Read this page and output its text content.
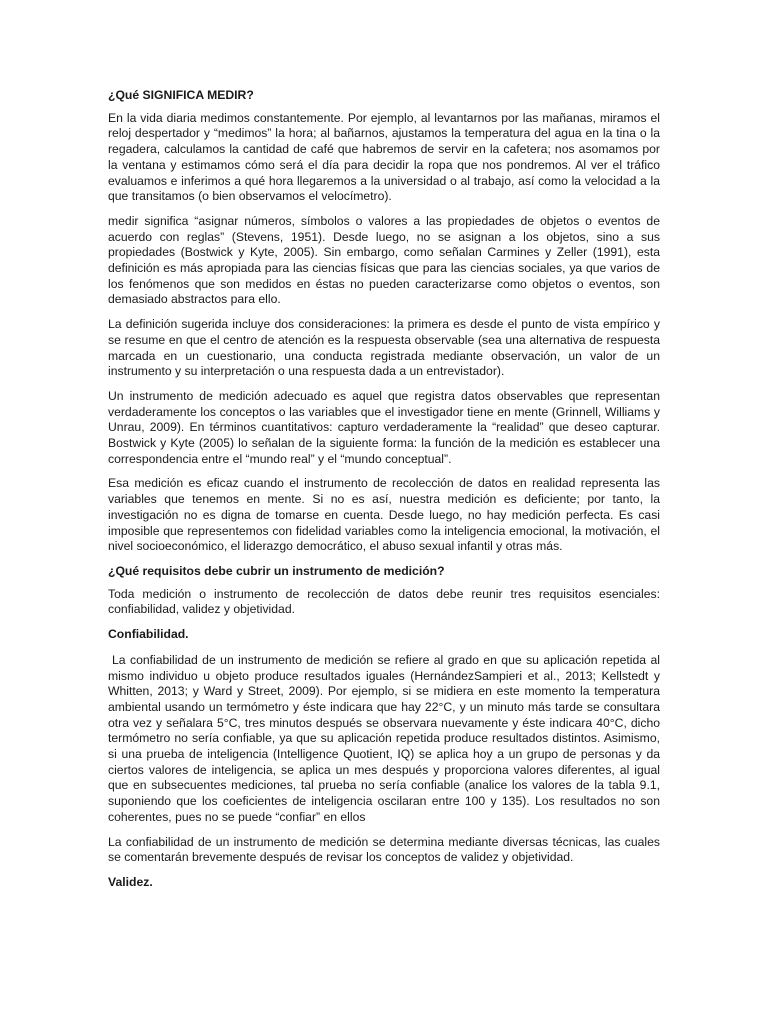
¿Qué SIGNIFICA MEDIR?
En la vida diaria medimos constantemente. Por ejemplo, al levantarnos por las mañanas, miramos el reloj despertador y “medimos” la hora; al bañarnos, ajustamos la temperatura del agua en la tina o la regadera, calculamos la cantidad de café que habremos de servir en la cafetera; nos asomamos por la ventana y estimamos cómo será el día para decidir la ropa que nos pondremos. Al ver el tráfico evaluamos e inferimos a qué hora llegaremos a la universidad o al trabajo, así como la velocidad a la que transitamos (o bien observamos el velocímetro).
medir significa “asignar números, símbolos o valores a las propiedades de objetos o eventos de acuerdo con reglas” (Stevens, 1951). Desde luego, no se asignan a los objetos, sino a sus propiedades (Bostwick y Kyte, 2005). Sin embargo, como señalan Carmines y Zeller (1991), esta definición es más apropiada para las ciencias físicas que para las ciencias sociales, ya que varios de los fenómenos que son medidos en éstas no pueden caracterizarse como objetos o eventos, son demasiado abstractos para ello.
La definición sugerida incluye dos consideraciones: la primera es desde el punto de vista empírico y se resume en que el centro de atención es la respuesta observable (sea una alternativa de respuesta marcada en un cuestionario, una conducta registrada mediante observación, un valor de un instrumento y su interpretación o una respuesta dada a un entrevistador).
Un instrumento de medición adecuado es aquel que registra datos observables que representan verdaderamente los conceptos o las variables que el investigador tiene en mente (Grinnell, Williams y Unrau, 2009). En términos cuantitativos: capturo verdaderamente la “realidad” que deseo capturar. Bostwick y Kyte (2005) lo señalan de la siguiente forma: la función de la medición es establecer una correspondencia entre el “mundo real” y el “mundo conceptual”.
Esa medición es eficaz cuando el instrumento de recolección de datos en realidad representa las variables que tenemos en mente. Si no es así, nuestra medición es deficiente; por tanto, la investigación no es digna de tomarse en cuenta. Desde luego, no hay medición perfecta. Es casi imposible que representemos con fidelidad variables como la inteligencia emocional, la motivación, el nivel socioeconómico, el liderazgo democrático, el abuso sexual infantil y otras más.
¿Qué requisitos debe cubrir un instrumento de medición?
Toda medición o instrumento de recolección de datos debe reunir tres requisitos esenciales: confiabilidad, validez y objetividad.
Confiabilidad.
La confiabilidad de un instrumento de medición se refiere al grado en que su aplicación repetida al mismo individuo u objeto produce resultados iguales (HernándezSampieri et al., 2013; Kellstedt y Whitten, 2013; y Ward y Street, 2009). Por ejemplo, si se midiera en este momento la temperatura ambiental usando un termómetro y éste indicara que hay 22°C, y un minuto más tarde se consultara otra vez y señalara 5°C, tres minutos después se observara nuevamente y éste indicara 40°C, dicho termómetro no sería confiable, ya que su aplicación repetida produce resultados distintos. Asimismo, si una prueba de inteligencia (Intelligence Quotient, IQ) se aplica hoy a un grupo de personas y da ciertos valores de inteligencia, se aplica un mes después y proporciona valores diferentes, al igual que en subsecuentes mediciones, tal prueba no sería confiable (analice los valores de la tabla 9.1, suponiendo que los coeficientes de inteligencia oscilaran entre 100 y 135). Los resultados no son coherentes, pues no se puede “confiar” en ellos
La confiabilidad de un instrumento de medición se determina mediante diversas técnicas, las cuales se comentarán brevemente después de revisar los conceptos de validez y objetividad.
Validez.
